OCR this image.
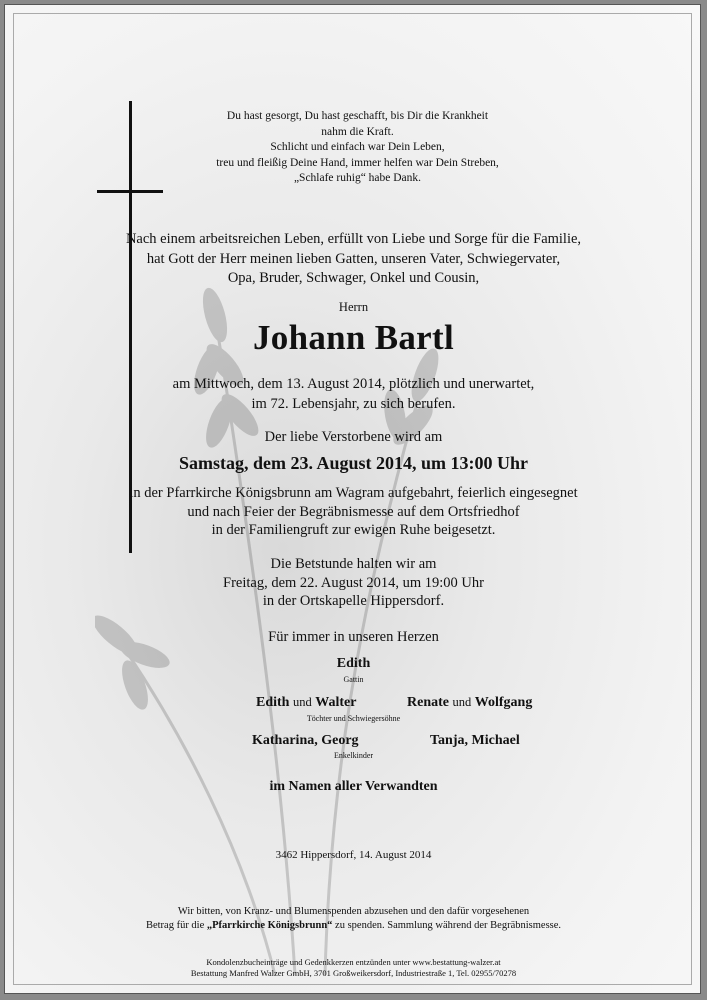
Du hast gesorgt, Du hast geschafft, bis Dir die Krankheit
nahm die Kraft.
Schlicht und einfach war Dein Leben,
treu und fleißig Deine Hand, immer helfen war Dein Streben,
„Schlafe ruhig“ habe Dank.
Nach einem arbeitsreichen Leben, erfüllt von Liebe und Sorge für die Familie,
hat Gott der Herr meinen lieben Gatten, unseren Vater, Schwiegervater,
Opa, Bruder, Schwager, Onkel und Cousin,
Herrn
Johann Bartl
am Mittwoch, dem 13. August 2014, plötzlich und unerwartet,
im 72. Lebensjahr, zu sich berufen.
Der liebe Verstorbene wird am
Samstag, dem 23. August 2014, um 13:00 Uhr
in der Pfarrkirche Königsbrunn am Wagram aufgebahrt, feierlich eingesegnet
und nach Feier der Begräbnismesse auf dem Ortsfriedhof
in der Familiengruft zur ewigen Ruhe beigesetzt.
Die Betstunde halten wir am
Freitag, dem 22. August 2014, um 19:00 Uhr
in der Ortskapelle Hippersdorf.
Für immer in unseren Herzen
Edith
Gattin
Edith und Walter	Renate und Wolfgang
Töchter und Schwiegersöhne
Katharina, Georg	Tanja, Michael
Enkelkinder
im Namen aller Verwandten
3462 Hippersdorf, 14. August 2014
Wir bitten, von Kranz- und Blumenspenden abzusehen und den dafür vorgesehenen
Betrag für die „Pfarrkirche Königsbrunn“ zu spenden. Sammlung während der Begräbnismesse.
Kondolenzbucheinträge und Gedenkkerzen entzünden unter www.bestattung-walzer.at
Bestattung Manfred Walzer GmbH, 3701 Großweikersdorf, Industriestraße 1, Tel. 02955/70278
